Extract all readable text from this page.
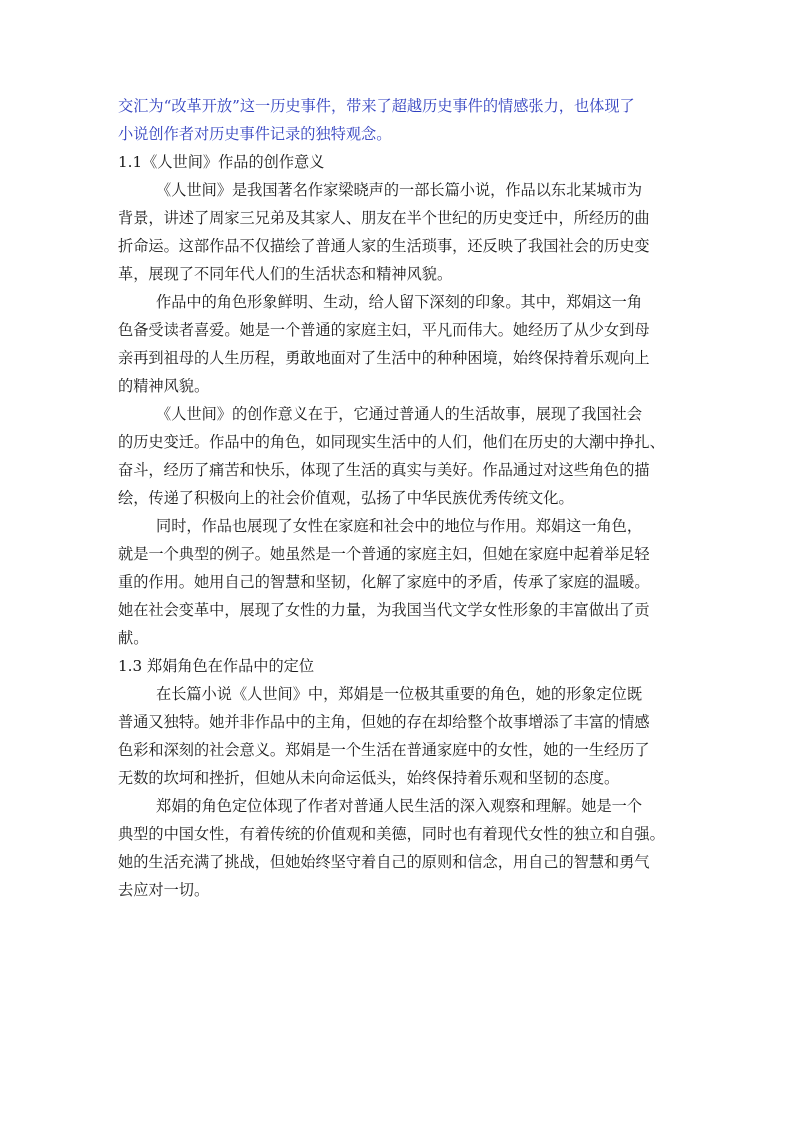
交汇为“改革开放”这一历史事件，带来了超越历史事件的情感张力，也体现了
小说创作者对历史事件记录的独特观念。
1.1《人世间》作品的创作意义
《人世间》是我国著名作家梁晓声的一部长篇小说，作品以东北某城市为
背景，讲述了周家三兄弟及其家人、朋友在半个世纪的历史变迁中，所经历的曲
折命运。这部作品不仅描绘了普通人家的生活琐事，还反映了我国社会的历史变
革，展现了不同年代人们的生活状态和精神风貌。
作品中的角色形象鲜明、生动，给人留下深刻的印象。其中，郑娟这一角
色备受读者喜爱。她是一个普通的家庭主妇，平凡而伟大。她经历了从少女到母
亲再到祖母的人生历程，勇敢地面对了生活中的种种困境，始终保持着乐观向上
的精神风貌。
《人世间》的创作意义在于，它通过普通人的生活故事，展现了我国社会
的历史变迁。作品中的角色，如同现实生活中的人们，他们在历史的大潮中挣扎、
奋斗，经历了痛苦和快乐，体现了生活的真实与美好。作品通过对这些角色的描
绘，传递了积极向上的社会价值观，弘扬了中华民族优秀传统文化。
同时，作品也展现了女性在家庭和社会中的地位与作用。郑娟这一角色，
就是一个典型的例子。她虽然是一个普通的家庭主妇，但她在家庭中起着举足轻
重的作用。她用自己的智慧和坚韧，化解了家庭中的矛盾，传承了家庭的温暖。
她在社会变革中，展现了女性的力量，为我国当代文学女性形象的丰富做出了贡
献。
1.3 郑娟角色在作品中的定位
在长篇小说《人世间》中，郑娟是一位极其重要的角色，她的形象定位既
普通又独特。她并非作品中的主角，但她的存在却给整个故事增添了丰富的情感
色彩和深刻的社会意义。郑娟是一个生活在普通家庭中的女性，她的一生经历了
无数的坎坷和挫折，但她从未向命运低头，始终保持着乐观和坚韧的态度。
郑娟的角色定位体现了作者对普通人民生活的深入观察和理解。她是一个
典型的中国女性，有着传统的价值观和美德，同时也有着现代女性的独立和自强。
她的生活充满了挑战，但她始终坚守着自己的原则和信念，用自己的智慧和勇气
去应对一切。
